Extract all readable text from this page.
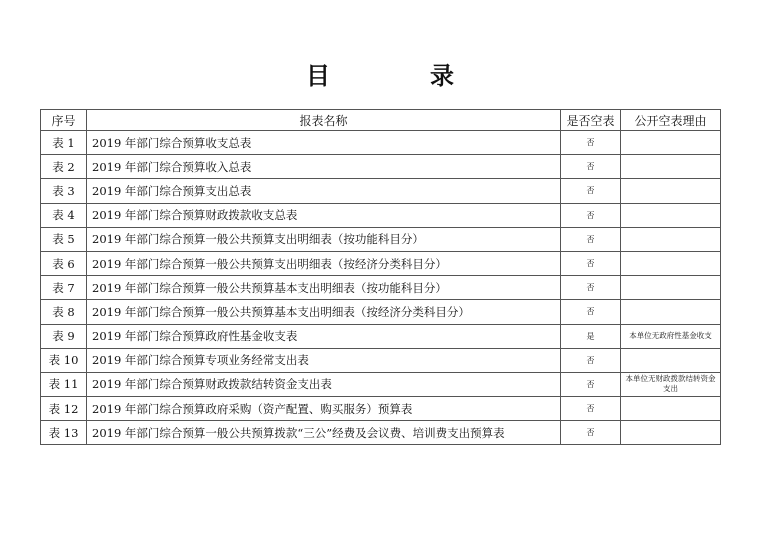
目	录
序号	报表名称	是否空表	公开空表理由
表 1	2019 年部门综合预算收支总表	否	
表 2	2019 年部门综合预算收入总表	否	
表 3	2019 年部门综合预算支出总表	否	
表 4	2019 年部门综合预算财政拨款收支总表	否	
表 5	2019 年部门综合预算一般公共预算支出明细表（按功能科目分）	否	
表 6	2019 年部门综合预算一般公共预算支出明细表（按经济分类科目分）	否	
表 7	2019 年部门综合预算一般公共预算基本支出明细表（按功能科目分）	否	
表 8	2019 年部门综合预算一般公共预算基本支出明细表（按经济分类科目分）	否	
表 9	2019 年部门综合预算政府性基金收支表	是	本单位无政府性基金收支
表 10	2019 年部门综合预算专项业务经常支出表	否	
表 11	2019 年部门综合预算财政拨款结转资金支出表	否	本单位无财政拨款结转资金支出
表 12	2019 年部门综合预算政府采购（资产配置、购买服务）预算表	否	
表 13	2019 年部门综合预算一般公共预算拨款“三公”经费及会议费、培训费支出预算表	否	
